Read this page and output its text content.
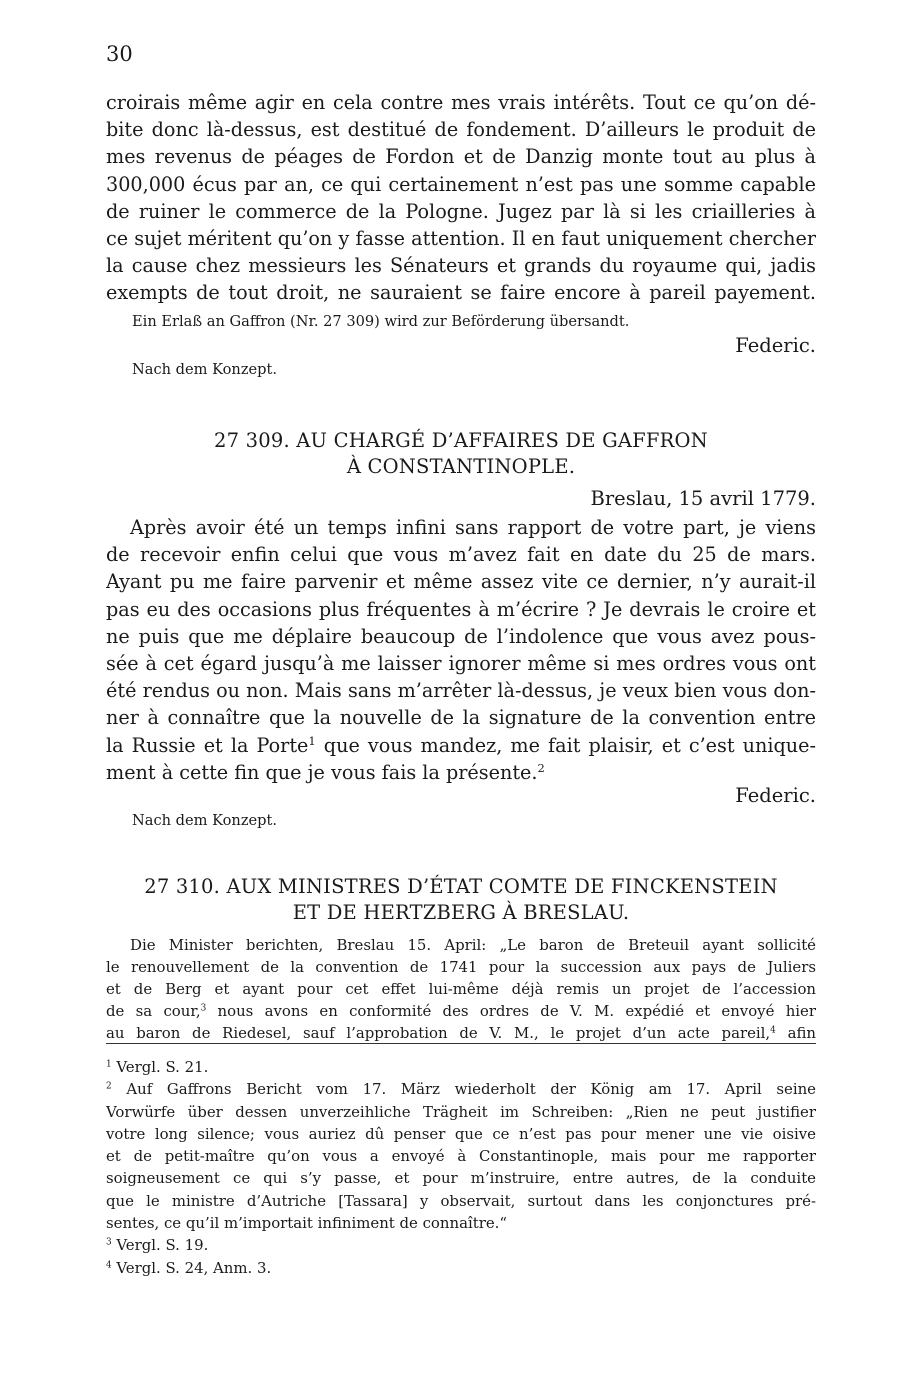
30
croirais même agir en cela contre mes vrais intérêts. Tout ce qu’on dé-
bite donc là-dessus, est destitué de fondement. D’ailleurs le produit de
mes revenus de péages de Fordon et de Danzig monte tout au plus à
300,000 écus par an, ce qui certainement n’est pas une somme capable
de ruiner le commerce de la Pologne. Jugez par là si les criailleries à
ce sujet méritent qu’on y fasse attention. Il en faut uniquement chercher
la cause chez messieurs les Sénateurs et grands du royaume qui, jadis
exempts de tout droit, ne sauraient se faire encore à pareil payement.
Ein Erlaß an Gaffron (Nr. 27 309) wird zur Beförderung übersandt.
Federic.
Nach dem Konzept.
27 309. AU CHARGÉ D’AFFAIRES DE GAFFRON
À CONSTANTINOPLE.
Breslau, 15 avril 1779.
Après avoir été un temps infini sans rapport de votre part, je viens
de recevoir enfin celui que vous m’avez fait en date du 25 de mars.
Ayant pu me faire parvenir et même assez vite ce dernier, n’y aurait-il
pas eu des occasions plus fréquentes à m’écrire ? Je devrais le croire et
ne puis que me déplaire beaucoup de l’indolence que vous avez pous-
sée à cet égard jusqu’à me laisser ignorer même si mes ordres vous ont
été rendus ou non. Mais sans m’arrêter là-dessus, je veux bien vous don-
ner à connaître que la nouvelle de la signature de la convention entre
la Russie et la Porte$^1$ que vous mandez, me fait plaisir, et c’est unique-
ment à cette fin que je vous fais la présente.$^2$
Federic.
Nach dem Konzept.
27 310. AUX MINISTRES D’ÉTAT COMTE DE FINCKENSTEIN
ET DE HERTZBERG À BRESLAU.
Die Minister berichten, Breslau 15. April: „Le baron de Breteuil ayant sollicité
le renouvellement de la convention de 1741 pour la succession aux pays de Juliers
et de Berg et ayant pour cet effet lui-même déjà remis un projet de l’accession
de sa cour,$^3$ nous avons en conformité des ordres de V. M. expédié et envoyé hier
au baron de Riedesel, sauf l’approbation de V. M., le projet d’un acte pareil,$^4$ afin
$^1$ Vergl. S. 21.
$^2$ Auf Gaffrons Bericht vom 17. März wiederholt der König am 17. April seine
Vorwürfe über dessen unverzeihliche Trägheit im Schreiben: „Rien ne peut justifier
votre long silence; vous auriez dû penser que ce n’est pas pour mener une vie oisive
et de petit-maître qu’on vous a envoyé à Constantinople, mais pour me rapporter
soigneusement ce qui s’y passe, et pour m’instruire, entre autres, de la conduite
que le ministre d’Autriche [Tassara] y observait, surtout dans les conjonctures pré-
sentes, ce qu’il m’importait infiniment de connaître.“
$^3$ Vergl. S. 19.
$^4$ Vergl. S. 24, Anm. 3.
